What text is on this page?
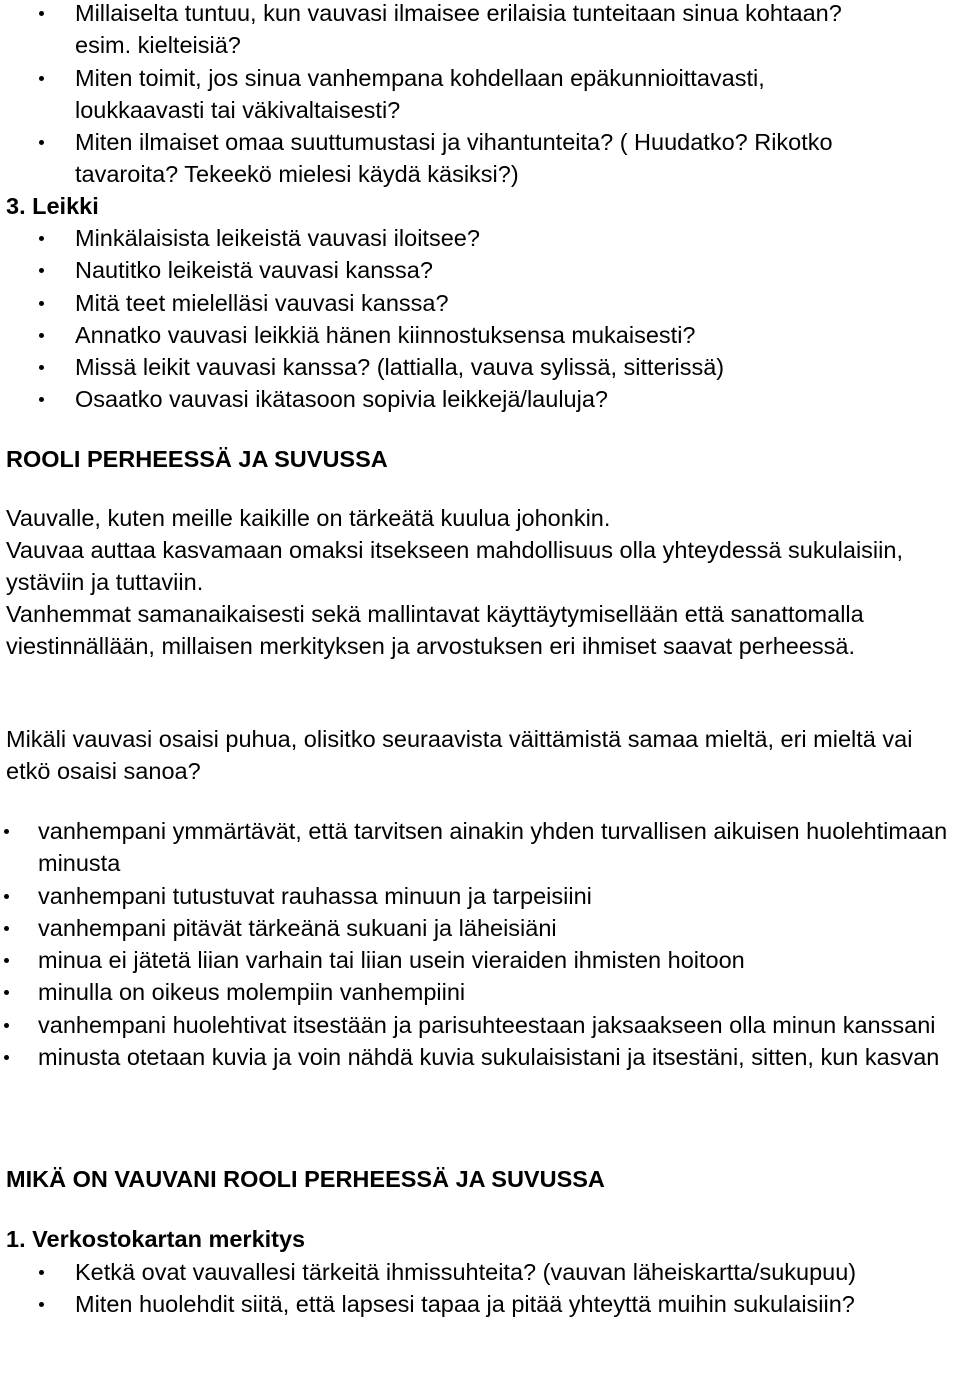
Millaiselta tuntuu, kun vauvasi ilmaisee erilaisia tunteitaan sinua kohtaan? esim. kielteisiä?
Miten toimit, jos sinua vanhempana kohdellaan epäkunnioittavasti, loukkaavasti tai väkivaltaisesti?
Miten ilmaiset omaa suuttumustasi ja vihantunteita? ( Huudatko? Rikotko tavaroita? Tekeekö mielesi käydä käsiksi?)
3. Leikki
Minkälaisista leikeistä vauvasi iloitsee?
Nautitko leikeistä vauvasi kanssa?
Mitä teet mielelläsi vauvasi kanssa?
Annatko vauvasi leikkiä hänen kiinnostuksensa mukaisesti?
Missä leikit vauvasi kanssa? (lattialla, vauva sylissä, sitterissä)
Osaatko vauvasi ikätasoon sopivia leikkejä/lauluja?
ROOLI PERHEESSÄ JA SUVUSSA

Vauvalle, kuten meille kaikille on tärkeätä kuulua johonkin.

Vauvaa auttaa kasvamaan omaksi itsekseen mahdollisuus olla yhteydessä sukulaisiin, ystäviin ja tuttaviin.

Vanhemmat samanaikaisesti sekä mallintavat käyttäytymisellään että sanattomalla viestinnällään, millaisen merkityksen ja arvostuksen eri ihmiset saavat perheessä.

Mikäli vauvasi osaisi puhua, olisitko seuraavista väittämistä samaa mieltä, eri mieltä vai etkö osaisi sanoa?

vanhempani ymmärtävät, että tarvitsen ainakin yhden turvallisen aikuisen huolehtimaan minusta
vanhempani tutustuvat rauhassa minuun ja tarpeisiini
vanhempani pitävät tärkeänä sukuani ja läheisiäni
minua ei jätetä liian varhain tai liian usein vieraiden ihmisten hoitoon
minulla on oikeus molempiin vanhempiini
vanhempani huolehtivat itsestään ja parisuhteestaan jaksaakseen olla minun kanssani
minusta otetaan kuvia ja voin nähdä kuvia sukulaisistani ja itsestäni, sitten, kun kasvan
MIKÄ ON VAUVANI ROOLI PERHEESSÄ JA SUVUSSA
1. Verkostokartan merkitys
Ketkä ovat vauvallesi tärkeitä ihmissuhteita? (vauvan läheiskartta/sukupuu)
Miten huolehdit siitä, että lapsesi tapaa ja pitää yhteyttä muihin sukulaisiin?
